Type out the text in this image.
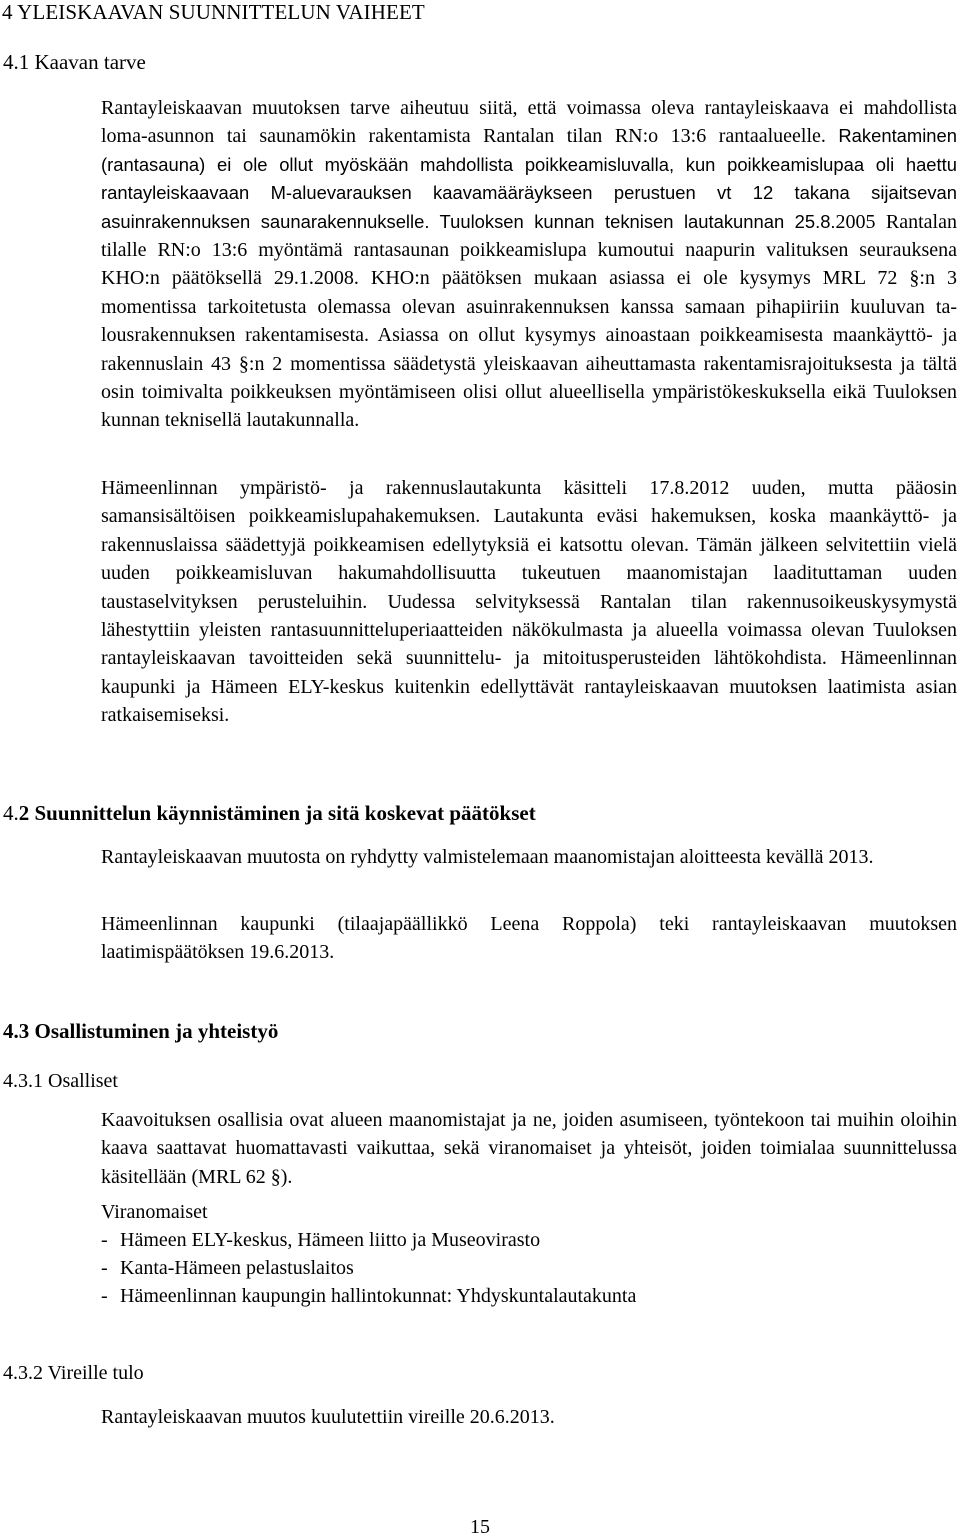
4 YLEISKAAVAN SUUNNITTELUN VAIHEET
4.1 Kaavan tarve

Rantayleiskaavan muutoksen tarve aiheutuu siitä, että voimassa oleva rantayleiskaava ei mahdollista loma-asunnon tai saunamökin rakentamista Rantalan tilan RN:o 13:6 rantaalueelle. Rakentaminen (rantasauna) ei ole ollut myöskään mahdollista poikkeamisluvalla, kun poikkeamislupaa oli haettu rantayleiskaavaan M-aluevarauksen kaavamääräykseen perustuen vt 12 takana sijaitsevan asuinrakennuksen saunarakennukselle. Tuuloksen kunnan teknisen lautakunnan 25.8.2005 Rantalan tilalle RN:o 13:6 myöntämä rantasaunan poikkeamislupa kumoutui naapurin valituksen seurauksena KHO:n päätöksellä 29.1.2008. KHO:n päätöksen mukaan asiassa ei ole kysymys MRL 72 §:n 3 momentissa tarkoitetusta olemassa olevan asuinrakennuksen kanssa samaan pihapiiriin kuuluvan talousrakennuksen rakentamisesta. Asiassa on ollut kysymys ainoastaan poikkeamisesta maankäyttö- ja rakennuslain 43 §:n 2 momentissa säädetystä yleiskaavan aiheuttamasta rakentamisrajoituksesta ja tältä osin toimivalta poikkeuksen myöntämiseen olisi ollut alueellisella ympäristökeskuksella eikä Tuuloksen kunnan teknisellä lautakunnalla.

Hämeenlinnan ympäristö- ja rakennuslautakunta käsitteli 17.8.2012 uuden, mutta pääosin samansisältöisen poikkeamislupahakemuksen. Lautakunta eväsi hakemuksen, koska maankäyttö- ja rakennuslaissa säädettyjä poikkeamisen edellytyksiä ei katsottu olevan. Tämän jälkeen selvitettiin vielä uuden poikkeamisluvan hakumahdollisuutta tukeutuen maanomistajan laadituttaman uuden taustaselvityksen perusteluihin. Uudessa selvityksessä Rantalan tilan rakennusoikeuskysymystä lähestyttiin yleisten rantasuunnitteluperiaatteiden näkökulmasta ja alueella voimassa olevan Tuuloksen rantayleiskaavan tavoitteiden sekä suunnittelu- ja mitoitusperusteiden lähtökohdista. Hämeenlinnan kaupunki ja Hämeen ELY-keskus kuitenkin edellyttävät rantayleiskaavan muutoksen laatimista asian ratkaisemiseksi.

4.2 Suunnittelun käynnistäminen ja sitä koskevat päätökset

Rantayleiskaavan muutosta on ryhdytty valmistelemaan maanomistajan aloitteesta kevällä 2013.

Hämeenlinnan kaupunki (tilaajapäällikkö Leena Roppola) teki rantayleiskaavan muutoksen laatimispäätöksen 19.6.2013.

4.3 Osallistuminen ja yhteistyö
4.3.1 Osalliset

Kaavoituksen osallisia ovat alueen maanomistajat ja ne, joiden asumiseen, työntekoon tai muihin oloihin kaava saattavat huomattavasti vaikuttaa, sekä viranomaiset ja yhteisöt, joiden toimialaa suunnittelussa käsitellään (MRL 62 §).

Viranomaiset

- Hämeen ELY-keskus, Hämeen liitto ja Museovirasto
- Kanta-Hämeen pelastuslaitos
- Hämeenlinnan kaupungin hallintokunnat: Yhdyskuntalautakunta
4.3.2 Vireille tulo

Rantayleiskaavan muutos kuulutettiin vireille 20.6.2013.

15
